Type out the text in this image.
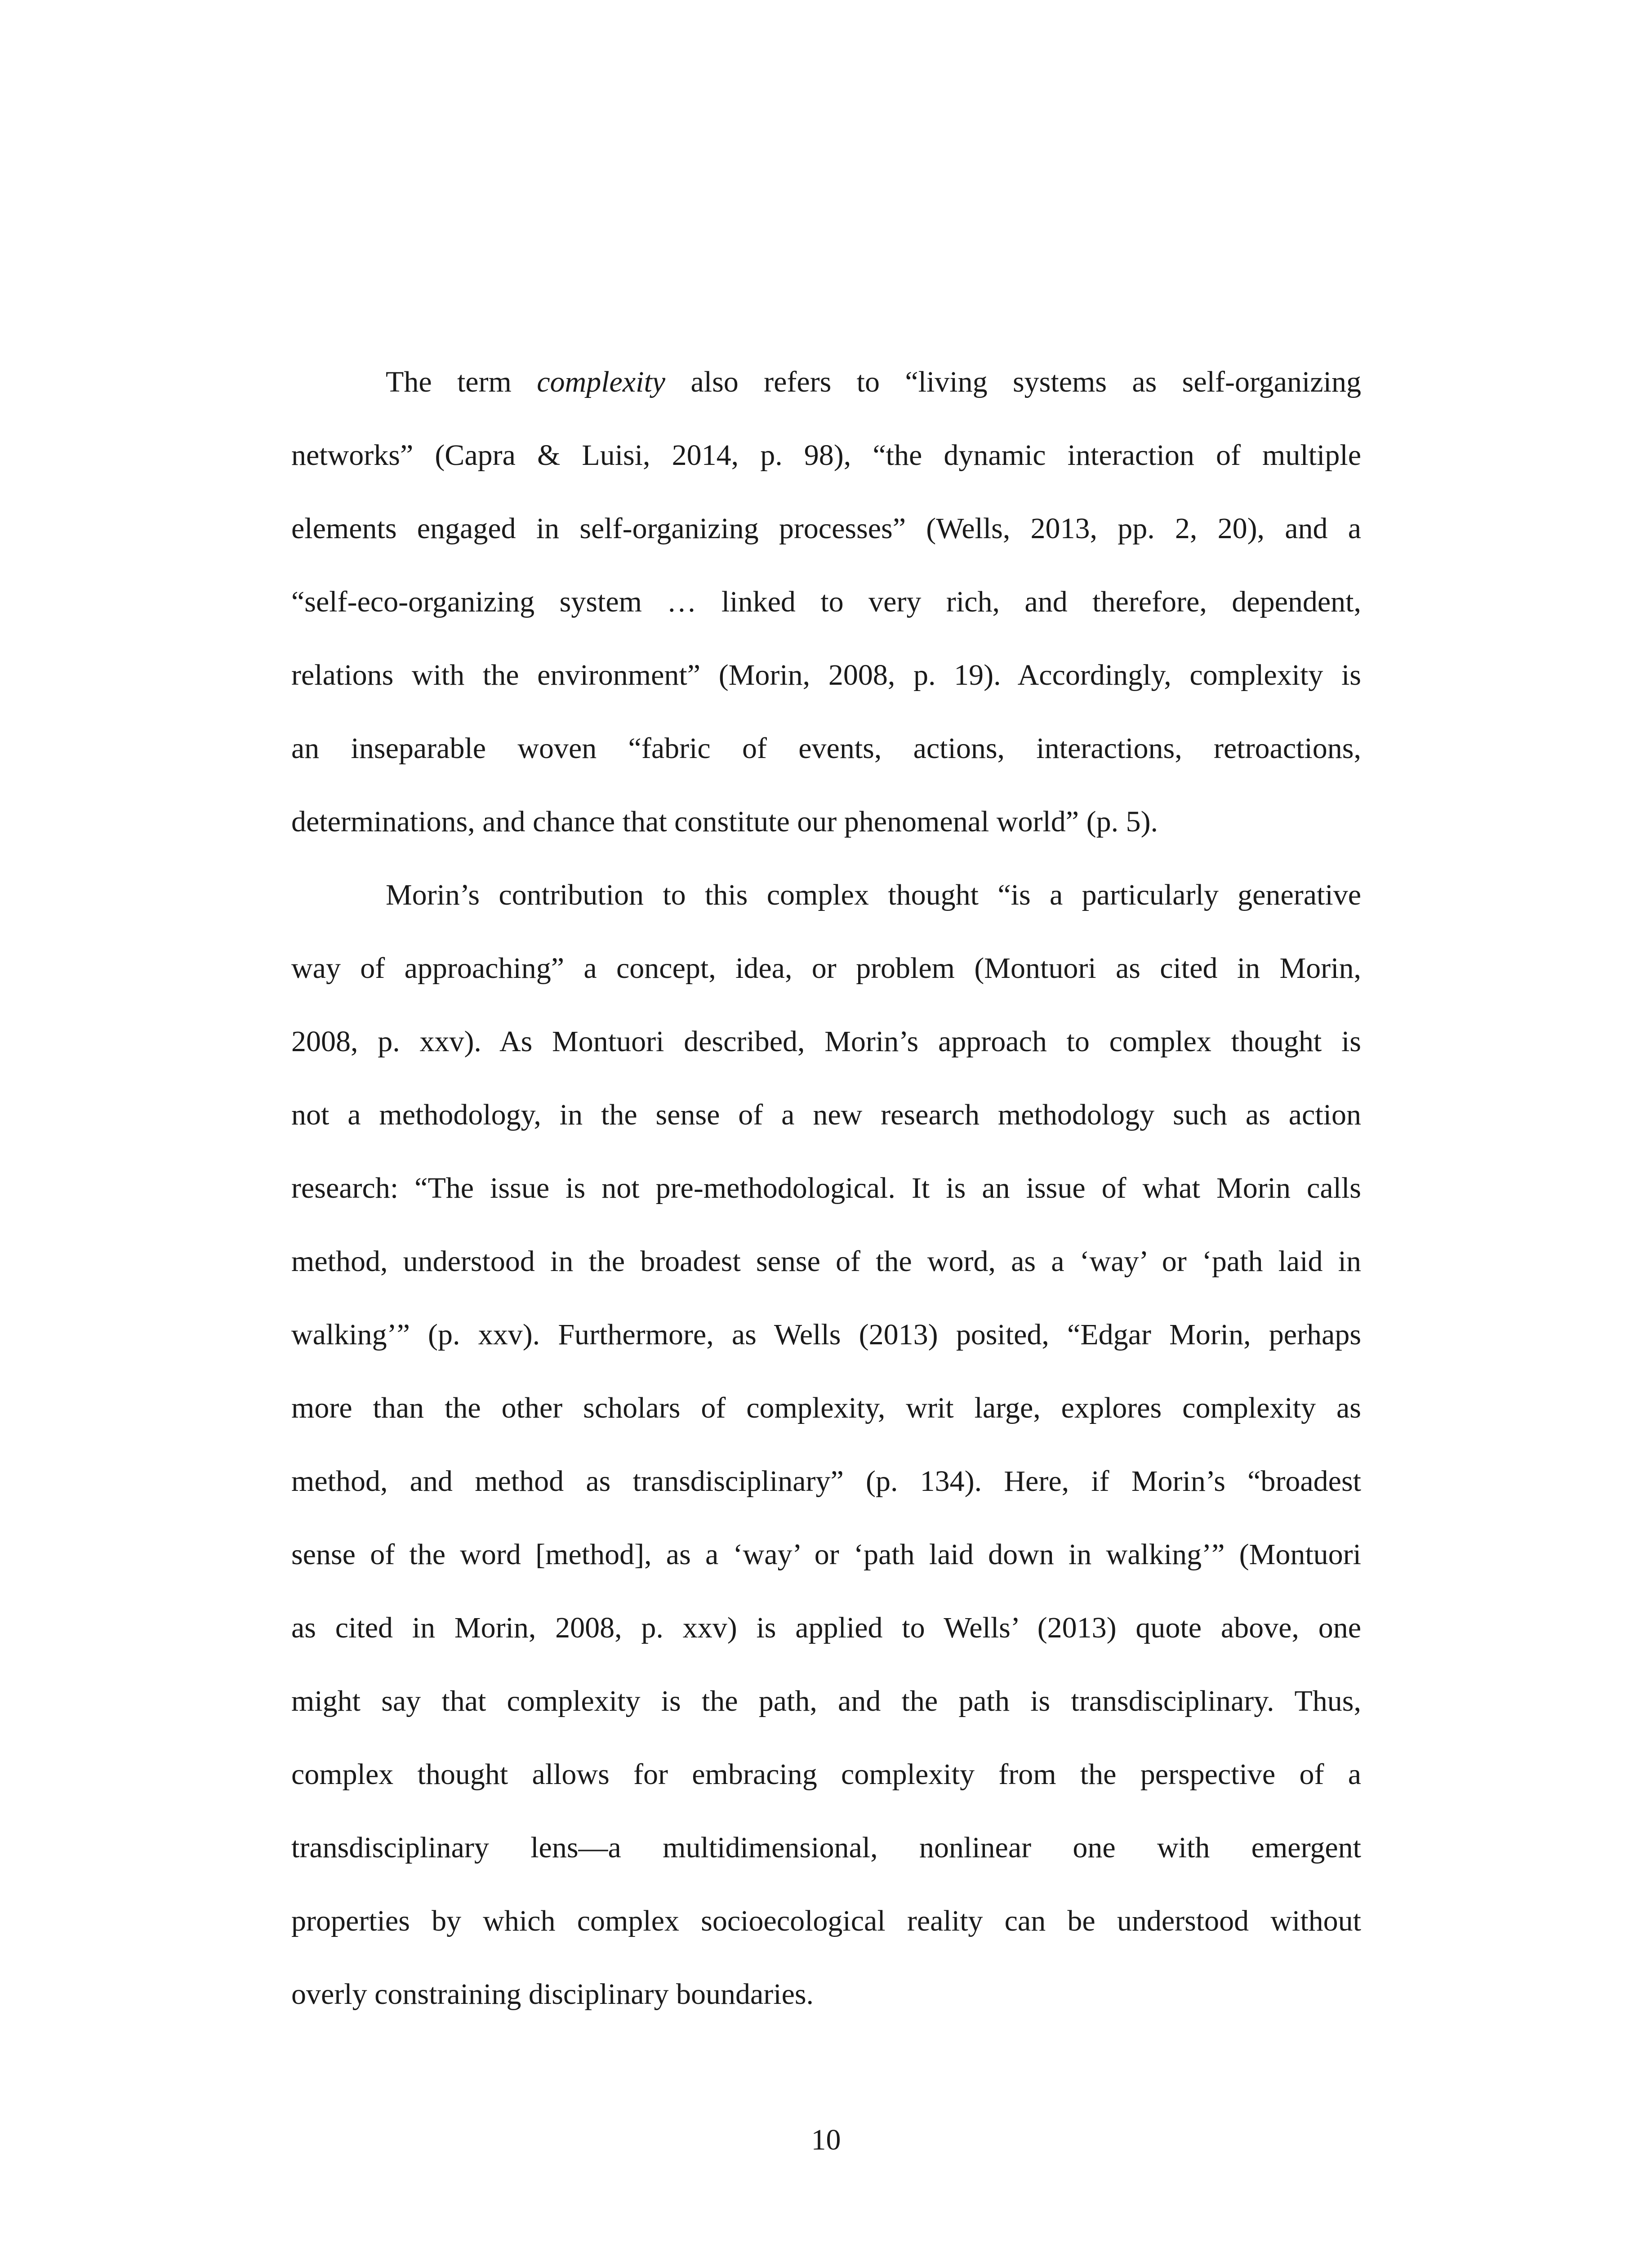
The term complexity also refers to “living systems as self-organizing
networks” (Capra & Luisi, 2014, p. 98), “the dynamic interaction of multiple
elements engaged in self-organizing processes” (Wells, 2013, pp. 2, 20), and a
“self-eco-organizing system … linked to very rich, and therefore, dependent,
relations with the environment” (Morin, 2008, p. 19). Accordingly, complexity is
an inseparable woven “fabric of events, actions, interactions, retroactions,
determinations, and chance that constitute our phenomenal world” (p. 5).
Morin’s contribution to this complex thought “is a particularly generative
way of approaching” a concept, idea, or problem (Montuori as cited in Morin,
2008, p. xxv). As Montuori described, Morin’s approach to complex thought is
not a methodology, in the sense of a new research methodology such as action
research: “The issue is not pre-methodological. It is an issue of what Morin calls
method, understood in the broadest sense of the word, as a ‘way’ or ‘path laid in
walking’” (p. xxv). Furthermore, as Wells (2013) posited, “Edgar Morin, perhaps
more than the other scholars of complexity, writ large, explores complexity as
method, and method as transdisciplinary” (p. 134). Here, if Morin’s “broadest
sense of the word [method], as a ‘way’ or ‘path laid down in walking’” (Montuori
as cited in Morin, 2008, p. xxv) is applied to Wells’ (2013) quote above, one
might say that complexity is the path, and the path is transdisciplinary. Thus,
complex thought allows for embracing complexity from the perspective of a
transdisciplinary lens—a multidimensional, nonlinear one with emergent
properties by which complex socioecological reality can be understood without
overly constraining disciplinary boundaries.
10
